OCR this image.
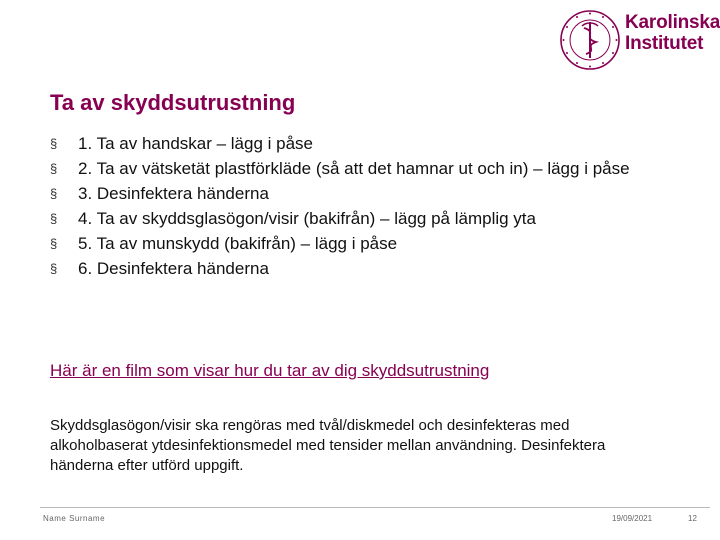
Karolinska
Institutet
Ta av skyddsutrustning
§ 1. Ta av handskar – lägg i påse
§ 2. Ta av vätsketät plastförkläde (så att det hamnar ut och in) – lägg i påse
§ 3. Desinfektera händerna
§ 4. Ta av skyddsglasögon/visir (bakifrån) – lägg på lämplig yta
§ 5. Ta av munskydd (bakifrån) – lägg i påse
§ 6. Desinfektera händerna
Här är en film som visar hur du tar av dig skyddsutrustning

Skyddsglasögon/visir ska rengöras med tvål/diskmedel och desinfekteras med alkoholbaserat ytdesinfektionsmedel med tensider mellan användning. Desinfektera händerna efter utförd uppgift.

Name Surname	19/09/2021	12
